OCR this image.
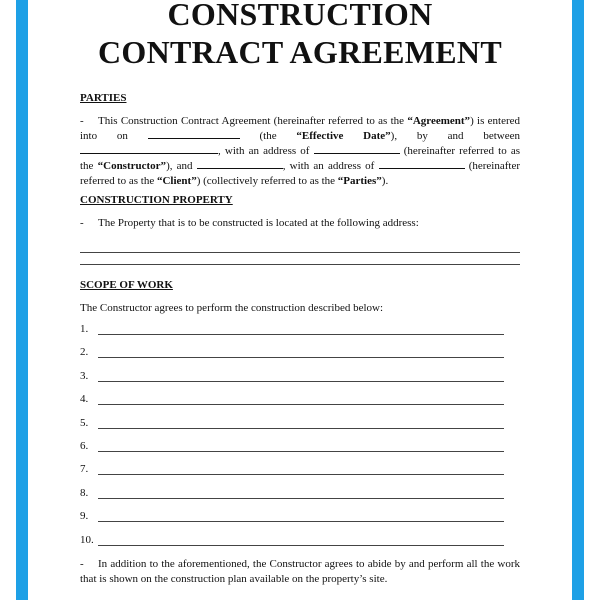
CONSTRUCTION
CONTRACT AGREEMENT
PARTIES
- This Construction Contract Agreement (hereinafter referred to as the “Agreement”) is entered into on	(the “Effective Date”), by and between , with an address of	(hereinafter referred to as the “Constructor”), and	, with an address of	(hereinafter referred to as the “Client”) (collectively referred to as the “Parties”).
CONSTRUCTION PROPERTY
- The Property that is to be constructed is located at the following address:
SCOPE OF WORK
The Constructor agrees to perform the construction described below:
1.
2.
3.
4.
5.
6.
7.
8.
9.
10.
- In addition to the aforementioned, the Constructor agrees to abide by and perform all the work that is shown on the construction plan available on the property’s site.
